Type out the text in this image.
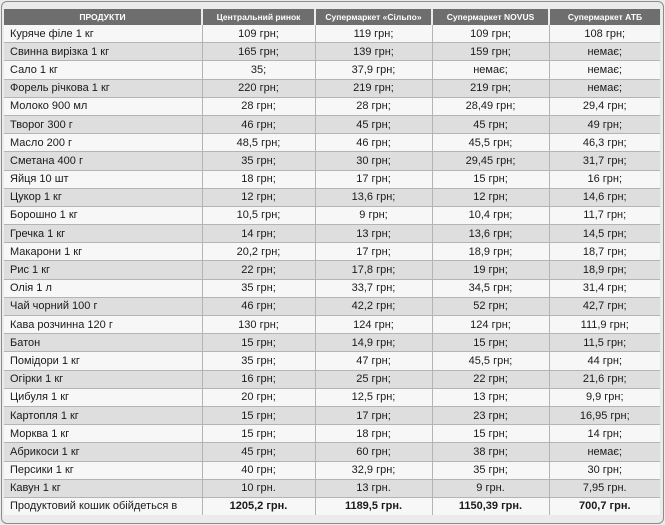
ПРОДУКТИ	Центральний ринок	Супермаркет «Сільпо»	Супермаркет NOVUS	Супермаркет АТБ
Куряче філе 1 кг	109 грн;	119 грн;	109 грн;	108 грн;
Свинна вирізка 1 кг	165 грн;	139 грн;	159 грн;	немає;
Сало 1 кг	35;	37,9 грн;	немає;	немає;
Форель річкова 1 кг	220 грн;	219 грн;	219 грн;	немає;
Молоко 900 мл	28 грн;	28 грн;	28,49 грн;	29,4 грн;
Творог 300 г	46 грн;	45 грн;	45 грн;	49 грн;
Масло 200 г	48,5 грн;	46 грн;	45,5 грн;	46,3 грн;
Сметана 400 г	35 грн;	30 грн;	29,45 грн;	31,7 грн;
Яйця 10 шт	18 грн;	17 грн;	15 грн;	16 грн;
Цукор 1 кг	12 грн;	13,6 грн;	12 грн;	14,6 грн;
Борошно 1 кг	10,5 грн;	9 грн;	10,4 грн;	11,7 грн;
Гречка 1 кг	14 грн;	13 грн;	13,6 грн;	14,5 грн;
Макарони 1 кг	20,2 грн;	17 грн;	18,9 грн;	18,7 грн;
Рис 1 кг	22 грн;	17,8 грн;	19 грн;	18,9 грн;
Олія 1 л	35 грн;	33,7 грн;	34,5 грн;	31,4 грн;
Чай чорний 100 г	46 грн;	42,2 грн;	52 грн;	42,7 грн;
Кава розчинна 120 г	130 грн;	124 грн;	124 грн;	111,9 грн;
Батон	15 грн;	14,9 грн;	15 грн;	11,5 грн;
Помідори 1 кг	35 грн;	47 грн;	45,5 грн;	44 грн;
Огірки 1 кг	16 грн;	25 грн;	22 грн;	21,6 грн;
Цибуля 1 кг	20 грн;	12,5 грн;	13 грн;	9,9 грн;
Картопля 1 кг	15 грн;	17 грн;	23 грн;	16,95 грн;
Морква 1 кг	15 грн;	18 грн;	15 грн;	14 грн;
Абрикоси 1 кг	45 грн;	60 грн;	38 грн;	немає;
Персики 1 кг	40 грн;	32,9 грн;	35 грн;	30 грн;
Кавун 1 кг	10 грн.	13 грн.	9 грн.	7,95 грн.
Продуктовий кошик обійдеться в	1205,2 грн.	1189,5 грн.	1150,39 грн.	700,7 грн.
